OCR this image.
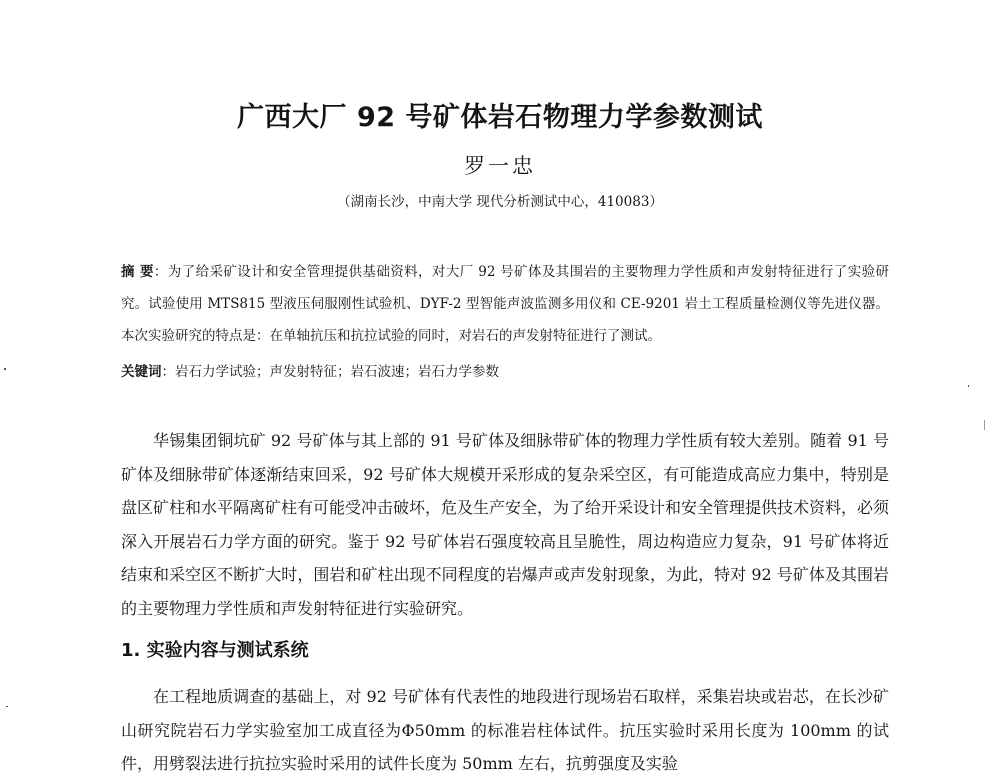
广西大厂 92 号矿体岩石物理力学参数测试
罗一忠
（湖南长沙，中南大学 现代分析测试中心，410083）
摘 要：为了给采矿设计和安全管理提供基础资料，对大厂 92 号矿体及其围岩的主要物理力学性质和声发射特征进行了实验研究。试验使用 MTS815 型液压伺服刚性试验机、DYF-2 型智能声波监测多用仪和 CE-9201 岩土工程质量检测仪等先进仪器。本次实验研究的特点是：在单轴抗压和抗拉试验的同时，对岩石的声发射特征进行了测试。
关键词：岩石力学试验；声发射特征；岩石波速；岩石力学参数
华锡集团铜坑矿 92 号矿体与其上部的 91 号矿体及细脉带矿体的物理力学性质有较大差别。随着 91 号矿体及细脉带矿体逐渐结束回采，92 号矿体大规模开采形成的复杂采空区，有可能造成高应力集中，特别是盘区矿柱和水平隔离矿柱有可能受冲击破坏，危及生产安全，为了给开采设计和安全管理提供技术资料，必须深入开展岩石力学方面的研究。鉴于 92 号矿体岩石强度较高且呈脆性，周边构造应力复杂，91 号矿体将近结束和采空区不断扩大时，围岩和矿柱出现不同程度的岩爆声或声发射现象，为此，特对 92 号矿体及其围岩的主要物理力学性质和声发射特征进行实验研究。
1. 实验内容与测试系统
在工程地质调查的基础上，对 92 号矿体有代表性的地段进行现场岩石取样，采集岩块或岩芯，在长沙矿山研究院岩石力学实验室加工成直径为Φ50mm 的标准岩柱体试件。抗压实验时采用长度为 100mm 的试件，用劈裂法进行抗拉实验时采用的试件长度为 50mm 左右，抗剪强度及实验
